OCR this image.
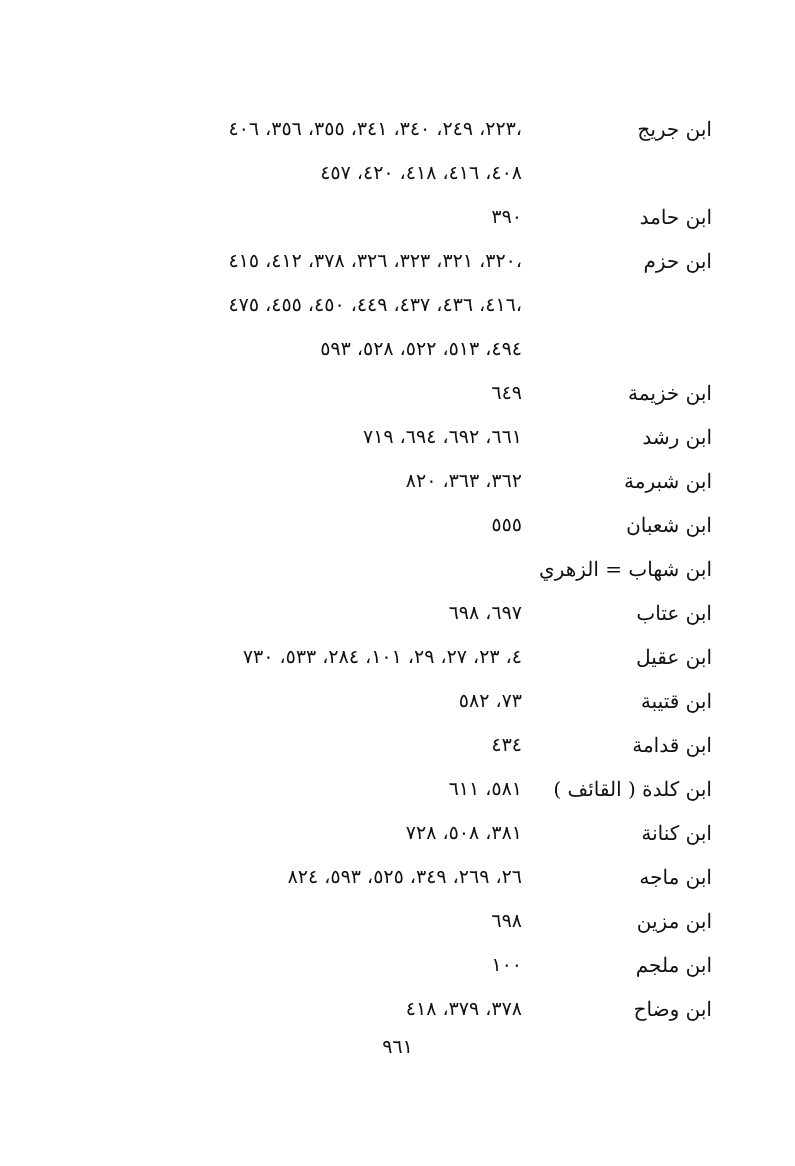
ابن جريج
٢٢٣، ٢٤٩، ٣٤٠، ٣٤١، ٣٥٥، ٣٥٦، ٤٠٦،
٤٠٨، ٤١٦، ٤١٨، ٤٢٠، ٤٥٧
ابن حامد
٣٩٠
ابن حزم
٣٢٠، ٣٢١، ٣٢٣، ٣٢٦، ٣٧٨، ٤١٢، ٤١٥،
٤١٦، ٤٣٦، ٤٣٧، ٤٤٩، ٤٥٠، ٤٥٥، ٤٧٥،
٤٩٤، ٥١٣، ٥٢٢، ٥٢٨، ٥٩٣
ابن خزيمة
٦٤٩
ابن رشد
٦٦١، ٦٩٢، ٦٩٤، ٧١٩
ابن شبرمة
٣٦٢، ٣٦٣، ٨٢٠
ابن شعبان
٥٥٥
ابن شهاب = الزهري
ابن عتاب
٦٩٧، ٦٩٨
ابن عقيل
٤، ٢٣، ٢٧، ٢٩، ١٠١، ٢٨٤، ٥٣٣، ٧٣٠
ابن قتيبة
٧٣، ٥٨٢
ابن قدامة
٤٣٤
ابن كلدة ( القائف )
٥٨١، ٦١١
ابن كنانة
٣٨١، ٥٠٨، ٧٢٨
ابن ماجه
٢٦، ٢٦٩، ٣٤٩، ٥٢٥، ٥٩٣، ٨٢٤
ابن مزين
٦٩٨
ابن ملجم
١٠٠
ابن وضاح
٣٧٨، ٣٧٩، ٤١٨
٩٦١
